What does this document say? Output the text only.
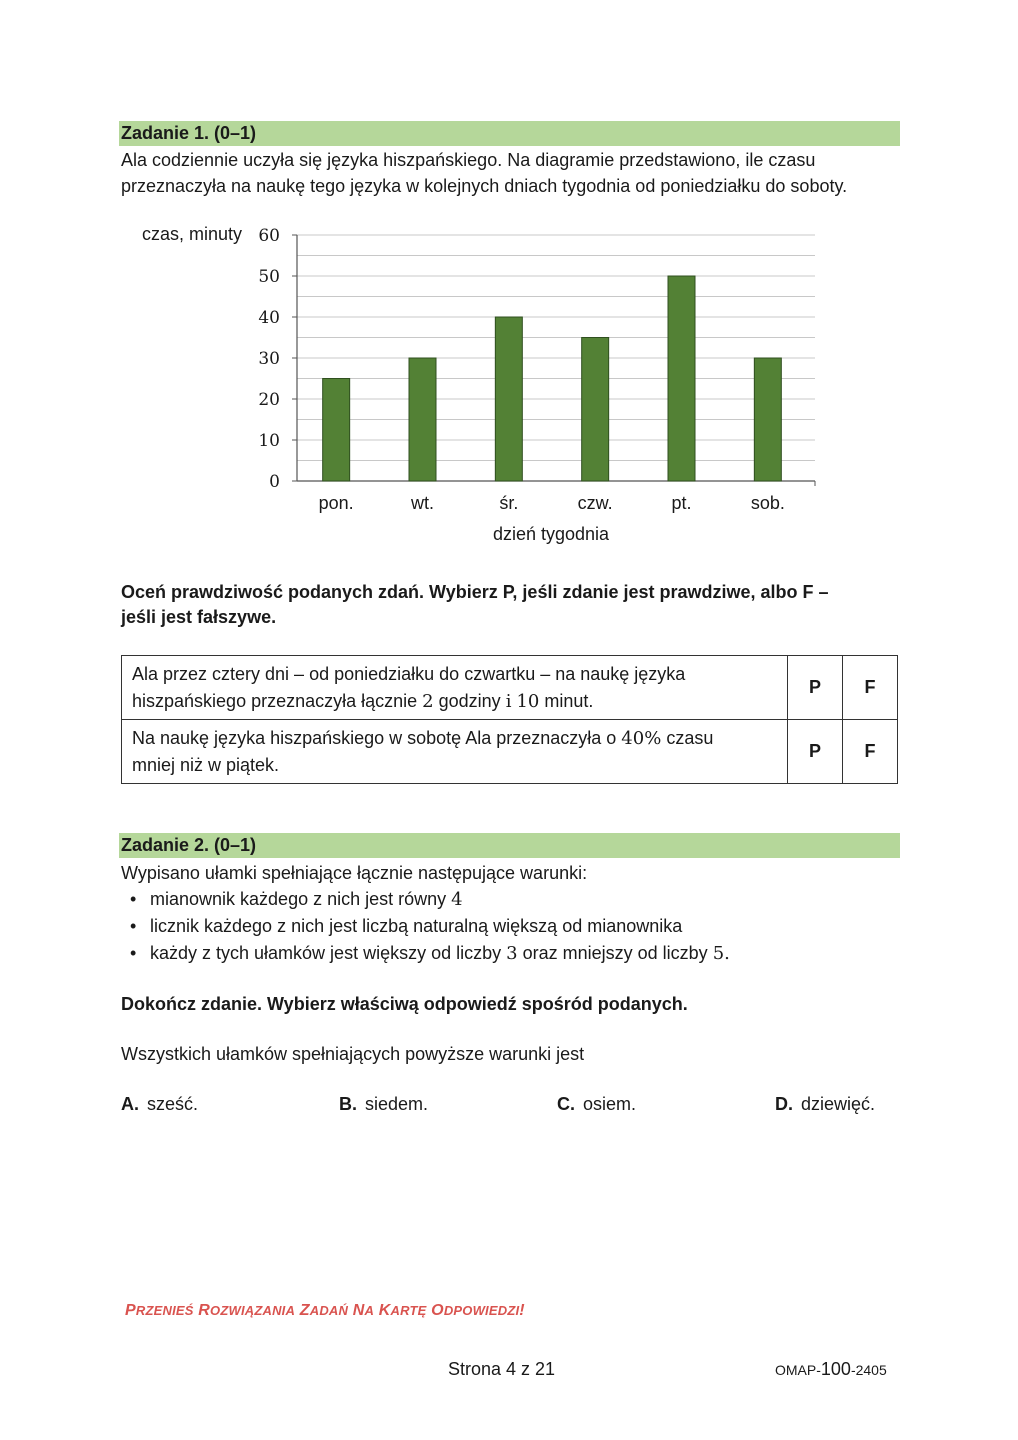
Zadanie 1. (0–1)
Ala codziennie uczyła się języka hiszpańskiego. Na diagramie przedstawiono, ile czasu
przeznaczyła na naukę tego języka w kolejnych dniach tygodnia od poniedziałku do soboty.
0
10
20
30
40
50
60
pon.	wt.	śr.	czw.	pt.	sob.
czas, minuty
dzień tygodnia
Oceń prawdziwość podanych zdań. Wybierz P, jeśli zdanie jest prawdziwe, albo F –
jeśli jest fałszywe.
Ala przez cztery dni – od poniedziałku do czwartku – na naukę języka
hiszpańskiego przeznaczyła łącznie 2 godziny i 10 minut.	P	F
Na naukę języka hiszpańskiego w sobotę Ala przeznaczyła o 40% czasu
mniej niż w piątek.	P	F
Zadanie 2. (0–1)
Wypisano ułamki spełniające łącznie następujące warunki:
• mianownik każdego z nich jest równy 4
• licznik każdego z nich jest liczbą naturalną większą od mianownika
• każdy z tych ułamków jest większy od liczby 3 oraz mniejszy od liczby 5.
Dokończ zdanie. Wybierz właściwą odpowiedź spośród podanych.
Wszystkich ułamków spełniających powyższe warunki jest
A. sześć.	B. siedem.	C. osiem.	D. dziewięć.
PRZENIEŚ ROZWIĄZANIA ZADAŃ NA KARTĘ ODPOWIEDZI!
Strona 4 z 21	OMAP-100-2405
